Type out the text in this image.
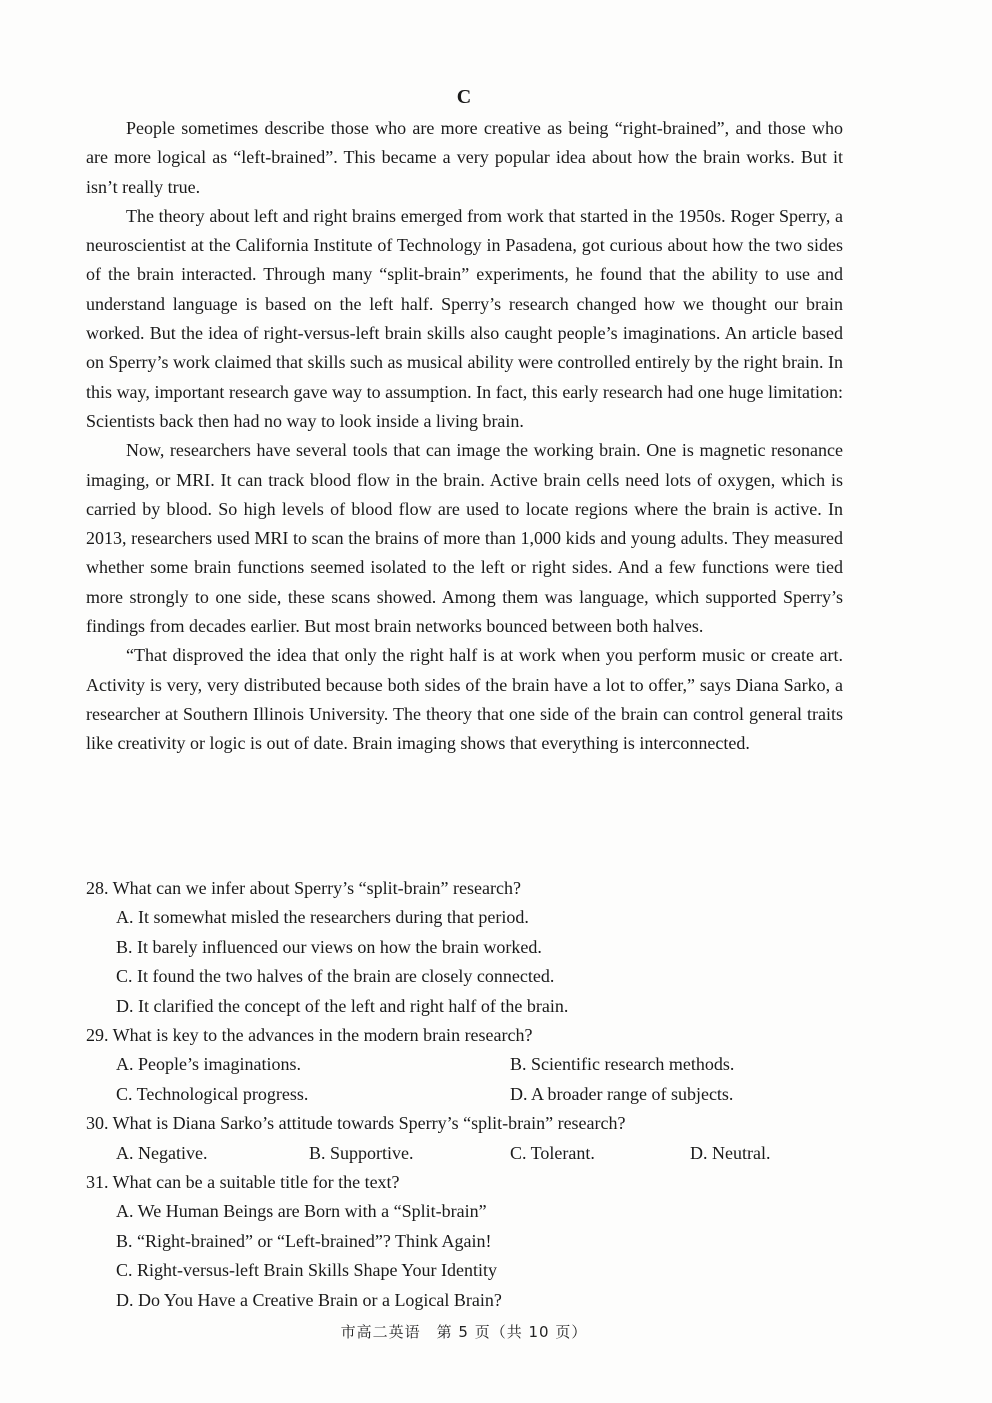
C

People sometimes describe those who are more creative as being “right-brained”, and those who are more logical as “left-brained”. This became a very popular idea about how the brain works. But it isn’t really true.

The theory about left and right brains emerged from work that started in the 1950s. Roger Sperry, a neuroscientist at the California Institute of Technology in Pasadena, got curious about how the two sides of the brain interacted. Through many “split-brain” experiments, he found that the ability to use and understand language is based on the left half. Sperry’s research changed how we thought our brain worked. But the idea of right-versus-left brain skills also caught people’s imaginations. An article based on Sperry’s work claimed that skills such as musical ability were controlled entirely by the right brain. In this way, important research gave way to assumption. In fact, this early research had one huge limitation: Scientists back then had no way to look inside a living brain.

Now, researchers have several tools that can image the working brain. One is magnetic resonance imaging, or MRI. It can track blood flow in the brain. Active brain cells need lots of oxygen, which is carried by blood. So high levels of blood flow are used to locate regions where the brain is active. In 2013, researchers used MRI to scan the brains of more than 1,000 kids and young adults. They measured whether some brain functions seemed isolated to the left or right sides. And a few functions were tied more strongly to one side, these scans showed. Among them was language, which supported Sperry’s findings from decades earlier. But most brain networks bounced between both halves.

“That disproved the idea that only the right half is at work when you perform music or create art. Activity is very, very distributed because both sides of the brain have a lot to offer,” says Diana Sarko, a researcher at Southern Illinois University. The theory that one side of the brain can control general traits like creativity or logic is out of date. Brain imaging shows that everything is interconnected.

28. What can we infer about Sperry’s “split-brain” research?
A. It somewhat misled the researchers during that period.
B. It barely influenced our views on how the brain worked.
C. It found the two halves of the brain are closely connected.
D. It clarified the concept of the left and right half of the brain.
29. What is key to the advances in the modern brain research?
A. People’s imaginations.	B. Scientific research methods.
C. Technological progress.	D. A broader range of subjects.
30. What is Diana Sarko’s attitude towards Sperry’s “split-brain” research?
A. Negative.	B. Supportive.	C. Tolerant.	D. Neutral.
31. What can be a suitable title for the text?
A. We Human Beings are Born with a “Split-brain”
B. “Right-brained” or “Left-brained”? Think Again!
C. Right-versus-left Brain Skills Shape Your Identity
D. Do You Have a Creative Brain or a Logical Brain?
市高二英语　第 5 页（共 10 页）
